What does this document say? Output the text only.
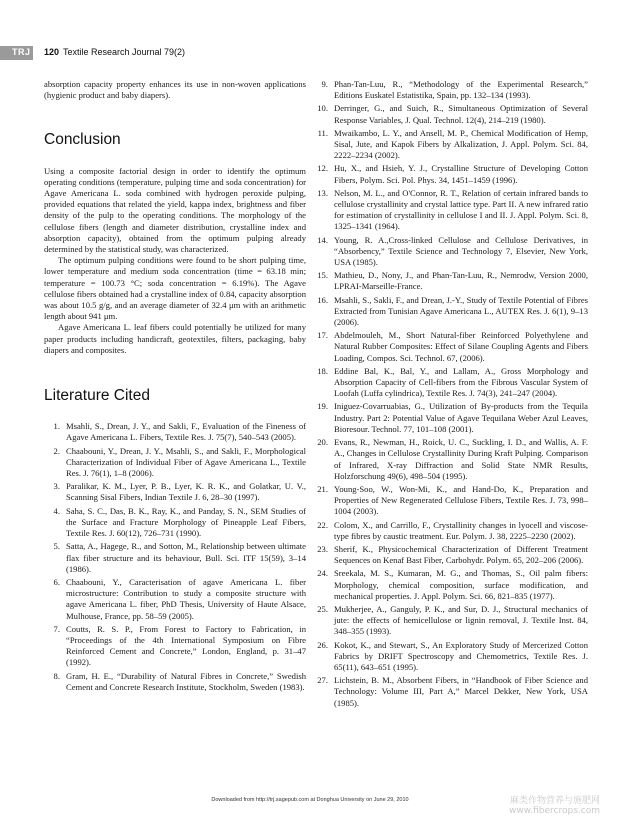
TRJ 120 Textile Research Journal 79(2)

absorption capacity property enhances its use in non-woven applications (hygienic product and baby diapers).

Conclusion

Using a composite factorial design in order to identify the optimum operating conditions (temperature, pulping time and soda concentration) for Agave Americana L. soda combined with hydrogen peroxide pulping, provided equations that related the yield, kappa index, brightness and fiber density of the pulp to the operating conditions. The morphology of the cellulose fibers (length and diameter distribution, crystalline index and absorption capacity), obtained from the optimum pulping already determined by the statistical study, was characterized.

The optimum pulping conditions were found to be short pulping time, lower temperature and medium soda concentration (time = 63.18 min; temperature = 100.73 °C; soda concentration = 6.19%). The Agave cellulose fibers obtained had a crystalline index of 0.84, capacity absorption was about 10.5 g/g, and an average diameter of 32.4 μm with an arithmetic length about 941 μm.

Agave Americana L. leaf fibers could potentially be utilized for many paper products including handicraft, geotextiles, filters, packaging, baby diapers and composites.

Literature Cited
1 . Msahli, S., Drean, J. Y., and Sakli, F., Evaluation of the Fineness of Agave Americana L. Fibers, Textile Res. J. 75(7), 540–543 (2005).
2 . Chaabouni, Y., Drean, J. Y., Msahli, S., and Sakli, F., Morphological Characterization of Individual Fiber of Agave Americana L., Textile Res. J. 76(1), 1–8 (2006).
3 . Paralikar, K. M., Lyer, P. B., Lyer, K. R. K., and Golatkar, U. V., Scanning Sisal Fibers, Indian Textile J. 6, 28–30 (1997).
4 . Saha, S. C., Das, B. K., Ray, K., and Panday, S. N., SEM Studies of the Surface and Fracture Morphology of Pineapple Leaf Fibers, Textile Res. J. 60(12), 726–731 (1990).
5 . Satta, A., Hagege, R., and Sotton, M., Relationship between ultimate flax fiber structure and its behaviour, Bull. Sci. ITF 15(59), 3–14 (1986).
6 . Chaabouni, Y., Caracterisation of agave Americana L. fiber microstructure: Contribution to study a composite structure with agave Americana L. fiber, PhD Thesis, University of Haute Alsace, Mulhouse, France, pp. 58–59 (2005).
7 . Coutts, R. S. P., From Forest to Factory to Fabrication, in “Proceedings of the 4th International Symposium on Fibre Reinforced Cement and Concrete,” London, England, p. 31–47 (1992).
8 . Gram, H. E., “Durability of Natural Fibres in Concrete,” Swedish Cement and Concrete Research Institute, Stockholm, Sweden (1983).
9 . Phan-Tan-Luu, R., “Methodology of the Experimental Research,” Editions Euskatel Estatistika, Spain, pp. 132–134 (1993).
10 . Derringer, G., and Suich, R., Simultaneous Optimization of Several Response Variables, J. Qual. Technol. 12(4), 214–219 (1980).
11 . Mwaikambo, L. Y., and Ansell, M. P., Chemical Modification of Hemp, Sisal, Jute, and Kapok Fibers by Alkalization, J. Appl. Polym. Sci. 84, 2222–2234 (2002).
12 . Hu, X., and Hsieh, Y. J., Crystalline Structure of Developing Cotton Fibers, Polym. Sci. Pol. Phys. 34, 1451–1459 (1996).
13 . Nelson, M. L., and O'Connor, R. T., Relation of certain infrared bands to cellulose crystallinity and crystal lattice type. Part II. A new infrared ratio for estimation of crystallinity in cellulose I and II. J. Appl. Polym. Sci. 8, 1325–1341 (1964).
14 . Young, R. A.,Cross-linked Cellulose and Cellulose Derivatives, in “Absorbency,” Textile Science and Technology 7, Elsevier, New York, USA (1985).
15 . Mathieu, D., Nony, J., and Phan-Tan-Luu, R., Nemrodw, Version 2000, LPRAI-Marseille-France.
16 . Msahli, S., Sakli, F., and Drean, J.-Y., Study of Textile Potential of Fibres Extracted from Tunisian Agave Americana L., AUTEX Res. J. 6(1), 9–13 (2006).
17 . Abdelmouleh, M., Short Natural-fiber Reinforced Polyethylene and Natural Rubber Composites: Effect of Silane Coupling Agents and Fibers Loading, Compos. Sci. Technol. 67, (2006).
18 . Eddine Bal, K., Bal, Y., and Lallam, A., Gross Morphology and Absorption Capacity of Cell-fibers from the Fibrous Vascular System of Loofah (Luffa cylindrica), Textile Res. J. 74(3), 241–247 (2004).
19 . Iniguez-Covarruabias, G., Utilization of By-products from the Tequila Industry. Part 2: Potential Value of Agave Tequilana Weber Azul Leaves, Bioresour. Technol. 77, 101–108 (2001).
20 . Evans, R., Newman, H., Roick, U. C., Suckling, I. D., and Wallis, A. F. A., Changes in Cellulose Crystallinity During Kraft Pulping. Comparison of Infrared, X-ray Diffraction and Solid State NMR Results, Holzforschung 49(6), 498–504 (1995).
21 . Young-Soo, W., Won-Mi, K., and Hand-Do, K., Preparation and Properties of New Regenerated Cellulose Fibers, Textile Res. J. 73, 998–1004 (2003).
22 . Colom, X., and Carrillo, F., Crystallinity changes in lyocell and viscose-type fibres by caustic treatment. Eur. Polym. J. 38, 2225–2230 (2002).
23 . Sherif, K., Physicochemical Characterization of Different Treatment Sequences on Kenaf Bast Fiber, Carbohydr. Polym. 65, 202–206 (2006).
24 . Sreekala, M. S., Kumaran, M. G., and Thomas, S., Oil palm fibers: Morphology, chemical composition, surface modification, and mechanical properties. J. Appl. Polym. Sci. 66, 821–835 (1977).
25 . Mukherjee, A., Ganguly, P. K., and Sur, D. J., Structural mechanics of jute: the effects of hemicellulose or lignin removal, J. Textile Inst. 84, 348–355 (1993).
26 . Kokot, K., and Stewart, S., An Exploratory Study of Mercerized Cotton Fabrics by DRIFT Spectroscopy and Chemometrics, Textile Res. J. 65(11), 643–651 (1995).
27 . Lichstein, B. M., Absorbent Fibers, in “Handbook of Fiber Science and Technology: Volume III, Part A,” Marcel Dekker, New York, USA (1985).
Downloaded from http://trj.sagepub.com at Donghua University on June 29, 2010	麻类作物营养与施肥网
www.fibercrops.com
